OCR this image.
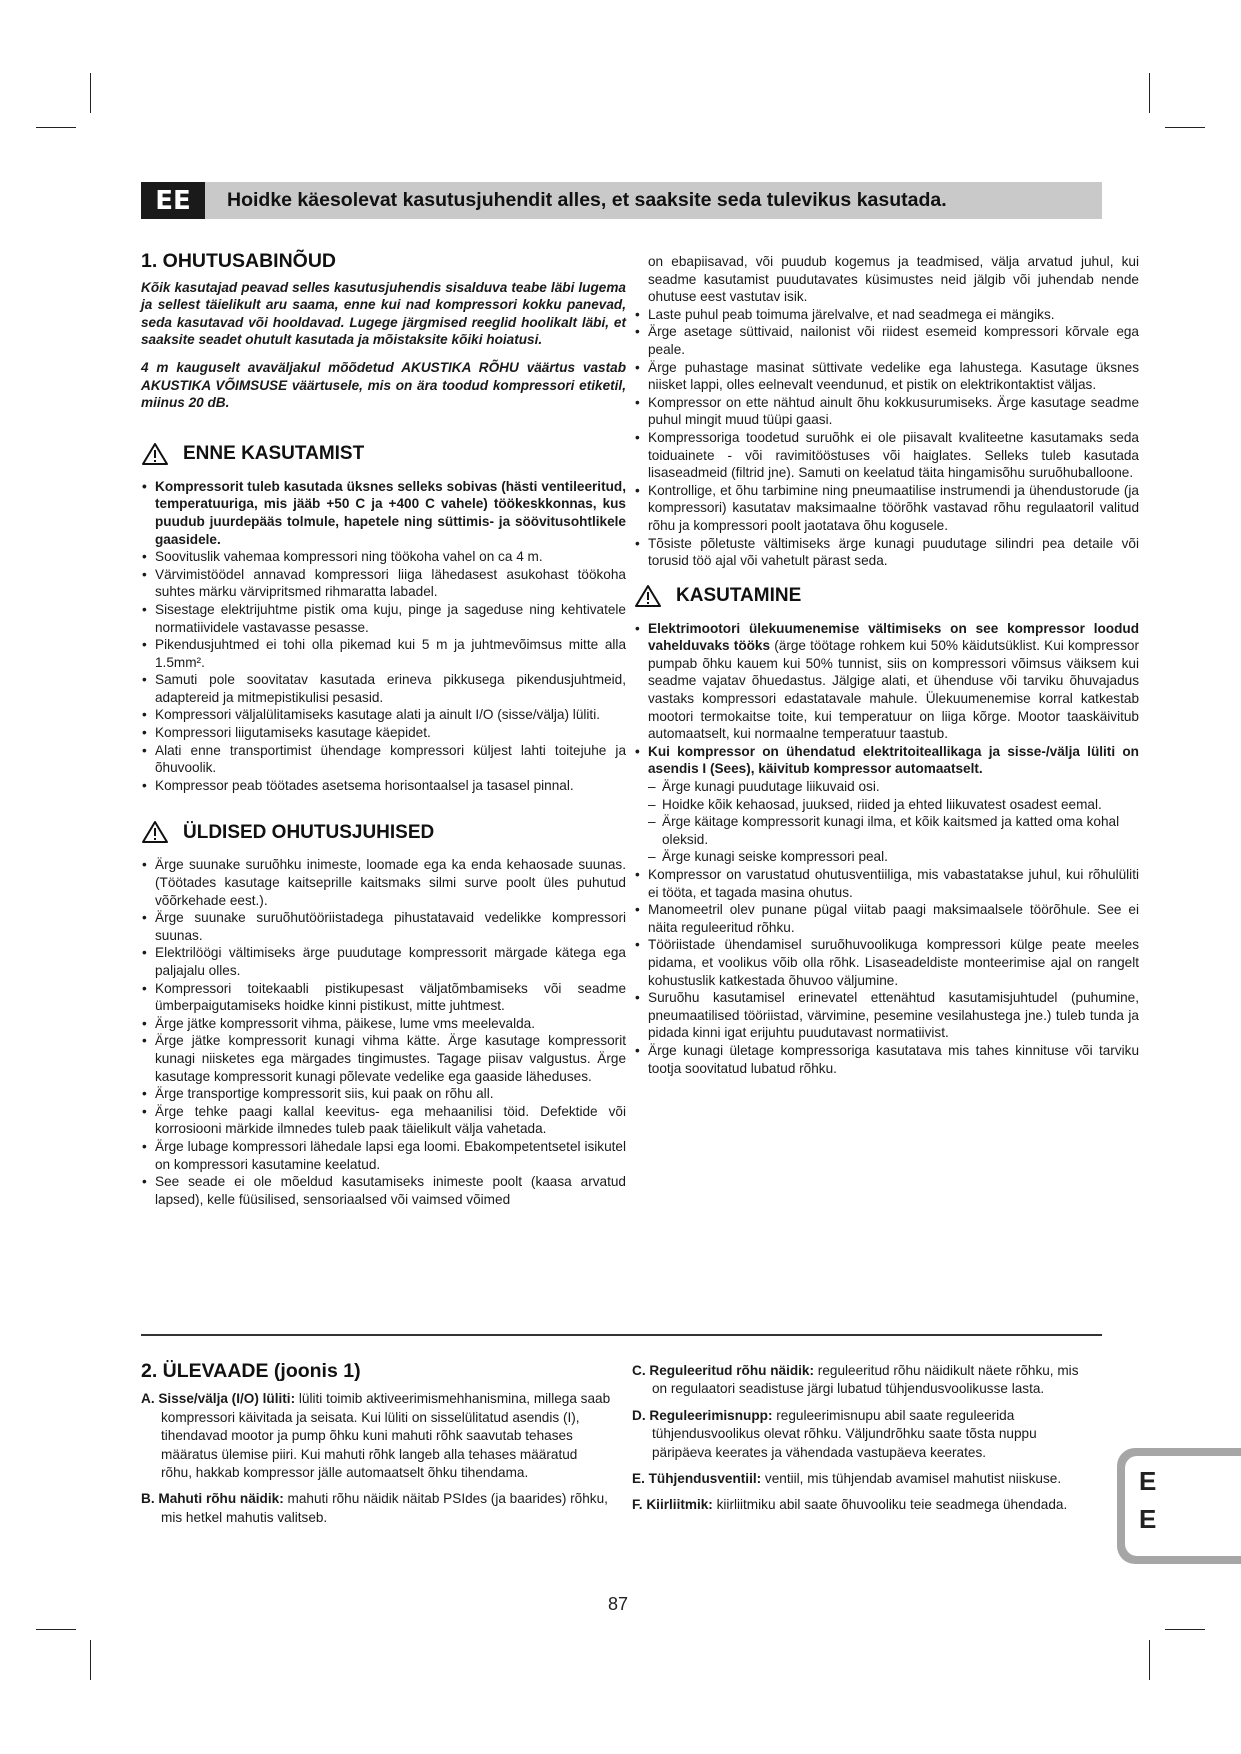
EE	Hoidke käesolevat kasutusjuhendit alles, et saaksite seda tulevikus kasutada.
1. OHUTUSABINÕUD

Kõik kasutajad peavad selles kasutusjuhendis sisalduva teabe läbi lugema ja sellest täielikult aru saama, enne kui nad kompressori kokku panevad, seda kasutavad või hooldavad. Lugege järgmised reeglid hoolikalt läbi, et saaksite seadet ohutult kasutada ja mõistaksite kõiki hoiatusi.

4 m kauguselt avaväljakul mõõdetud AKUSTIKA RÕHU väärtus vastab AKUSTIKA VÕIMSUSE väärtusele, mis on ära toodud kompressori etiketil, miinus 20 dB.

ENNE KASUTAMIST
• Kompressorit tuleb kasutada üksnes selleks sobivas (hästi ventileeritud, temperatuuriga, mis jääb +50 C ja +400 C vahele) töökeskkonnas, kus puudub juurdepääs tolmule, hapetele ning süttimis- ja söövitusohtlikele gaasidele.
• Soovituslik vahemaa kompressori ning töökoha vahel on ca 4 m.
• Värvimistöödel annavad kompressori liiga lähedasest asukohast töökoha suhtes märku värvipritsmed rihmaratta labadel.
• Sisestage elektrijuhtme pistik oma kuju, pinge ja sageduse ning kehtivatele normatiividele vastavasse pesasse.
• Pikendusjuhtmed ei tohi olla pikemad kui 5 m ja juhtmevõimsus mitte alla 1.5mm².
• Samuti pole soovitatav kasutada erineva pikkusega pikendusjuhtmeid, adaptereid ja mitmepistikulisi pesasid.
• Kompressori väljalülitamiseks kasutage alati ja ainult I/O (sisse/välja) lüliti.
• Kompressori liigutamiseks kasutage käepidet.
• Alati enne transportimist ühendage kompressori küljest lahti toitejuhe ja õhuvoolik.
• Kompressor peab töötades asetsema horisontaalsel ja tasasel pinnal.
ÜLDISED OHUTUSJUHISED
• Ärge suunake suruõhku inimeste, loomade ega ka enda kehaosade suunas. (Töötades kasutage kaitseprille kaitsmaks silmi surve poolt üles puhutud võõrkehade eest.).
• Ärge suunake suruõhutööriistadega pihustatavaid vedelikke kompressori suunas.
• Elektrilöögi vältimiseks ärge puudutage kompressorit märgade kätega ega paljajalu olles.
• Kompressori toitekaabli pistikupesast väljatõmbamiseks või seadme ümberpaigutamiseks hoidke kinni pistikust, mitte juhtmest.
• Ärge jätke kompressorit vihma, päikese, lume vms meelevalda.
• Ärge jätke kompressorit kunagi vihma kätte. Ärge kasutage kompressorit kunagi niisketes ega märgades tingimustes. Tagage piisav valgustus. Ärge kasutage kompressorit kunagi põlevate vedelike ega gaaside läheduses.
• Ärge transportige kompressorit siis, kui paak on rõhu all.
• Ärge tehke paagi kallal keevitus- ega mehaanilisi töid. Defektide või korrosiooni märkide ilmnedes tuleb paak täielikult välja vahetada.
• Ärge lubage kompressori lähedale lapsi ega loomi. Ebakompetentsetel isikutel on kompressori kasutamine keelatud.
• See seade ei ole mõeldud kasutamiseks inimeste poolt (kaasa arvatud lapsed), kelle füüsilised, sensoriaalsed või vaimsed võimed

on ebapiisavad, või puudub kogemus ja teadmised, välja arvatud juhul, kui seadme kasutamist puudutavates küsimustes neid jälgib või juhendab nende ohutuse eest vastutav isik.

• Laste puhul peab toimuma järelvalve, et nad seadmega ei mängiks.
• Ärge asetage süttivaid, nailonist või riidest esemeid kompressori kõrvale ega peale.
• Ärge puhastage masinat süttivate vedelike ega lahustega. Kasutage üksnes niisket lappi, olles eelnevalt veendunud, et pistik on elektrikontaktist väljas.
• Kompressor on ette nähtud ainult õhu kokkusurumiseks. Ärge kasutage seadme puhul mingit muud tüüpi gaasi.
• Kompressoriga toodetud suruõhk ei ole piisavalt kvaliteetne kasutamaks seda toiduainete - või ravimitööstuses või haiglates. Selleks tuleb kasutada lisaseadmeid (filtrid jne). Samuti on keelatud täita hingamisõhu suruõhuballoone.
• Kontrollige, et õhu tarbimine ning pneumaatilise instrumendi ja ühendustorude (ja kompressori) kasutatav maksimaalne töörõhk vastavad rõhu regulaatoril valitud rõhu ja kompressori poolt jaotatava õhu kogusele.
• Tõsiste põletuste vältimiseks ärge kunagi puudutage silindri pea detaile või torusid töö ajal või vahetult pärast seda.
KASUTAMINE
• Elektrimootori ülekuumenemise vältimiseks on see kompressor loodud vahelduvaks tööks (ärge töötage rohkem kui 50% käidutsüklist. Kui kompressor pumpab õhku kauem kui 50% tunnist, siis on kompressori võimsus väiksem kui seadme vajatav õhuedastus. Jälgige alati, et ühenduse või tarviku õhuvajadus vastaks kompressori edastatavale mahule. Ülekuumenemise korral katkestab mootori termokaitse toite, kui temperatuur on liiga kõrge. Mootor taaskäivitub automaatselt, kui normaalne temperatuur taastub.
• Kui kompressor on ühendatud elektritoiteallikaga ja sisse-/välja lüliti on asendis I (Sees), käivitub kompressor automaatselt.
– Ärge kunagi puudutage liikuvaid osi.
– Hoidke kõik kehaosad, juuksed, riided ja ehted liikuvatest osadest eemal.
– Ärge käitage kompressorit kunagi ilma, et kõik kaitsmed ja katted oma kohal oleksid.
– Ärge kunagi seiske kompressori peal.
• Kompressor on varustatud ohutusventiiliga, mis vabastatakse juhul, kui rõhulüliti ei tööta, et tagada masina ohutus.
• Manomeetril olev punane pügal viitab paagi maksimaalsele töörõhule. See ei näita reguleeritud rõhku.
• Tööriistade ühendamisel suruõhuvoolikuga kompressori külge peate meeles pidama, et voolikus võib olla rõhk. Lisaseadeldiste monteerimise ajal on rangelt kohustuslik katkestada õhuvoo väljumine.
• Suruõhu kasutamisel erinevatel ettenähtud kasutamisjuhtudel (puhumine, pneumaatilised tööriistad, värvimine, pesemine vesilahustega jne.) tuleb tunda ja pidada kinni igat erijuhtu puudutavast normatiivist.
• Ärge kunagi ületage kompressoriga kasutatava mis tahes kinnituse või tarviku tootja soovitatud lubatud rõhku.
2. ÜLEVAADE (joonis 1)

A. Sisse/välja (I/O) lüliti: lüliti toimib aktiveerimismehhanismina, millega saab kompressori käivitada ja seisata. Kui lüliti on sisselülitatud asendis (I), tihendavad mootor ja pump õhku kuni mahuti rõhk saavutab tehases määratus ülemise piiri. Kui mahuti rõhk langeb alla tehases määratud rõhu, hakkab kompressor jälle automaatselt õhku tihendama.

B. Mahuti rõhu näidik: mahuti rõhu näidik näitab PSIdes (ja baarides) rõhku, mis hetkel mahutis valitseb.

C. Reguleeritud rõhu näidik: reguleeritud rõhu näidikult näete rõhku, mis on regulaatori seadistuse järgi lubatud tühjendusvoolikusse lasta.

D. Reguleerimisnupp: reguleerimisnupu abil saate reguleerida tühjendusvoolikus olevat rõhku. Väljundrõhku saate tõsta nuppu päripäeva keerates ja vähendada vastupäeva keerates.

E. Tühjendusventiil: ventiil, mis tühjendab avamisel mahutist niiskuse.

F. Kiirliitmik: kiirliitmiku abil saate õhuvooliku teie seadmega ühendada.

E
E
87
